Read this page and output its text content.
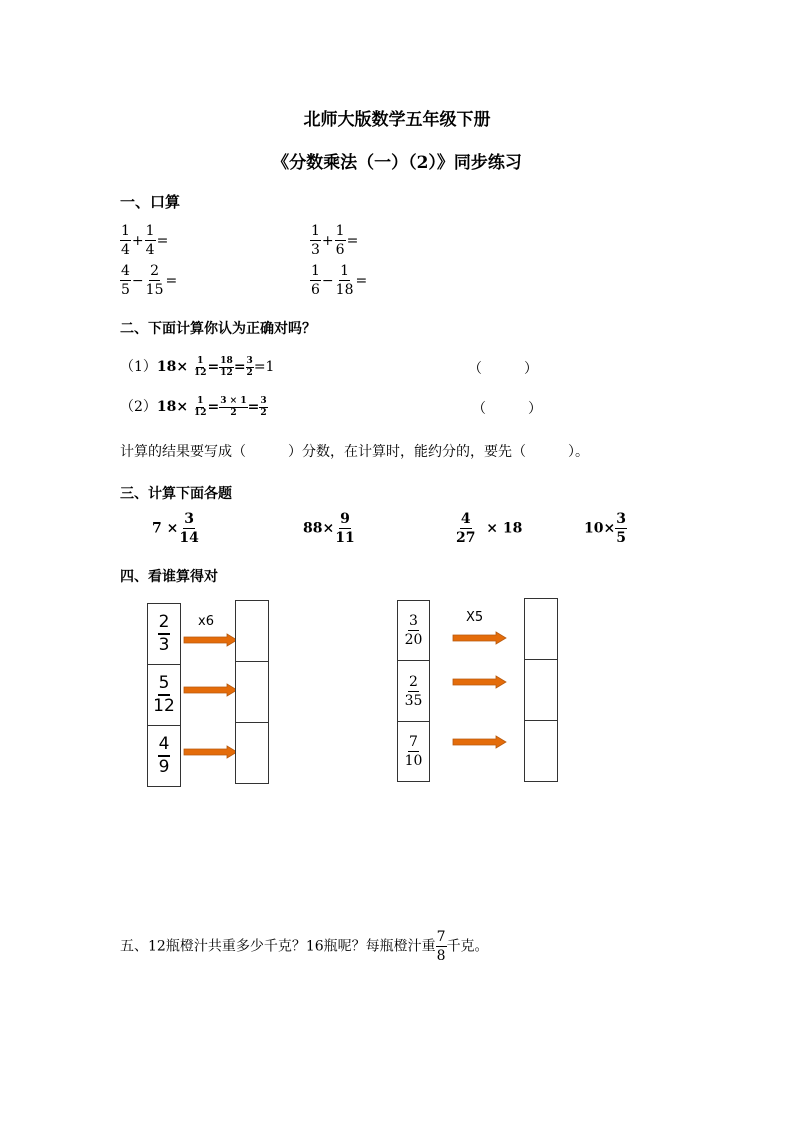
北师大版数学五年级下册
《分数乘法（一）（2）》同步练习
一、口算
$\frac{1}{4} + \frac{1}{4}$ =	$\frac{1}{3} + \frac{1}{6}$ =
$\frac{4}{5} - \frac{2}{15}$ =	$\frac{1}{6} - \frac{1}{18}$ =
二、下面计算你认为正确对吗？
$(1)18\times \frac{1}{12} = \frac{18}{12} = \frac{3}{2} =1$	（　　　）
$(2)18\times \frac{1}{12} = \frac{3 \times 1}{2} = \frac{3}{2}$	（　　　）
计算的结果要写成（　　　）分数，在计算时，能约分的，要先（　　　）。
三、计算下面各题
$7 \times \frac{3}{14}$	$88\times \frac{9}{11}$	$\frac{4}{27} \times 18$	$10\times \frac{3}{5}$
四、看谁算得对
$\frac{2}{3}$
$\frac{5}{12}$
$\frac{4}{9}$
x6	$\frac{3}{20}$
$\frac{2}{35}$
$\frac{7}{10}$
X5
五、12瓶橙汁共重多少千克？16瓶呢？每瓶橙汁重 $\frac{7}{8}$ 千克。
